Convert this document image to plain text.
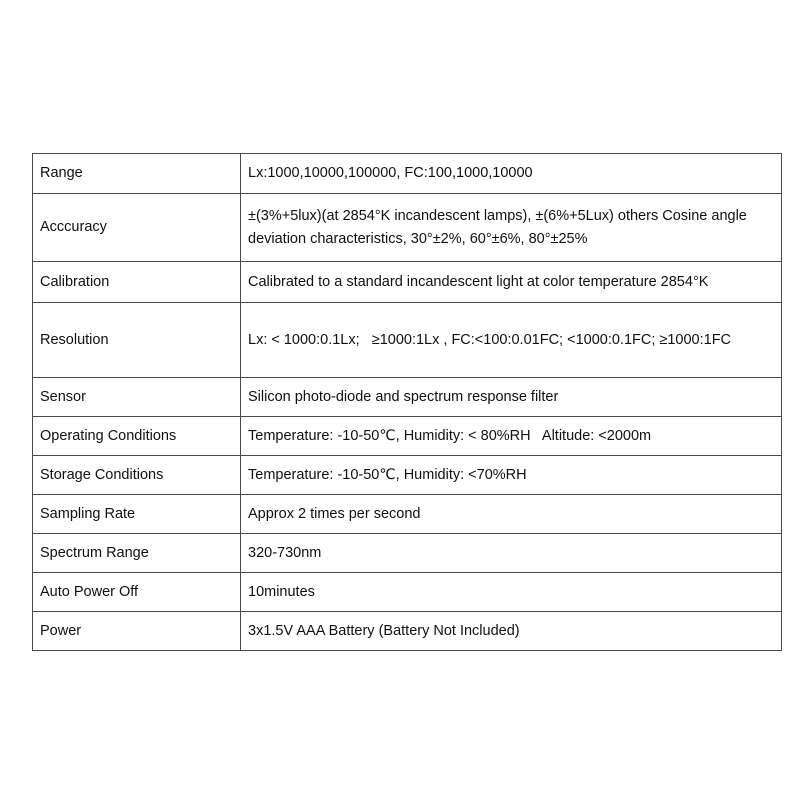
Range	Lx:1000,10000,100000, FC:100,1000,10000
Acccuracy	±(3%+5lux)(at 2854°K incandescent lamps), ±(6%+5Lux) others Cosine angle deviation characteristics, 30°±2%, 60°±6%, 80°±25%
Calibration	Calibrated to a standard incandescent light at color temperature 2854°K
Resolution	Lx: < 1000:0.1Lx;   ≥1000:1Lx , FC:<100:0.01FC; <1000:0.1FC; ≥1000:1FC
Sensor	Silicon photo-diode and spectrum response filter
Operating Conditions	Temperature: -10-50℃, Humidity: < 80%RH   Altitude: <2000m
Storage Conditions	Temperature: -10-50℃, Humidity: <70%RH
Sampling Rate	Approx 2 times per second
Spectrum Range	320-730nm
Auto Power Off	10minutes
Power	3x1.5V AAA Battery (Battery Not Included)
